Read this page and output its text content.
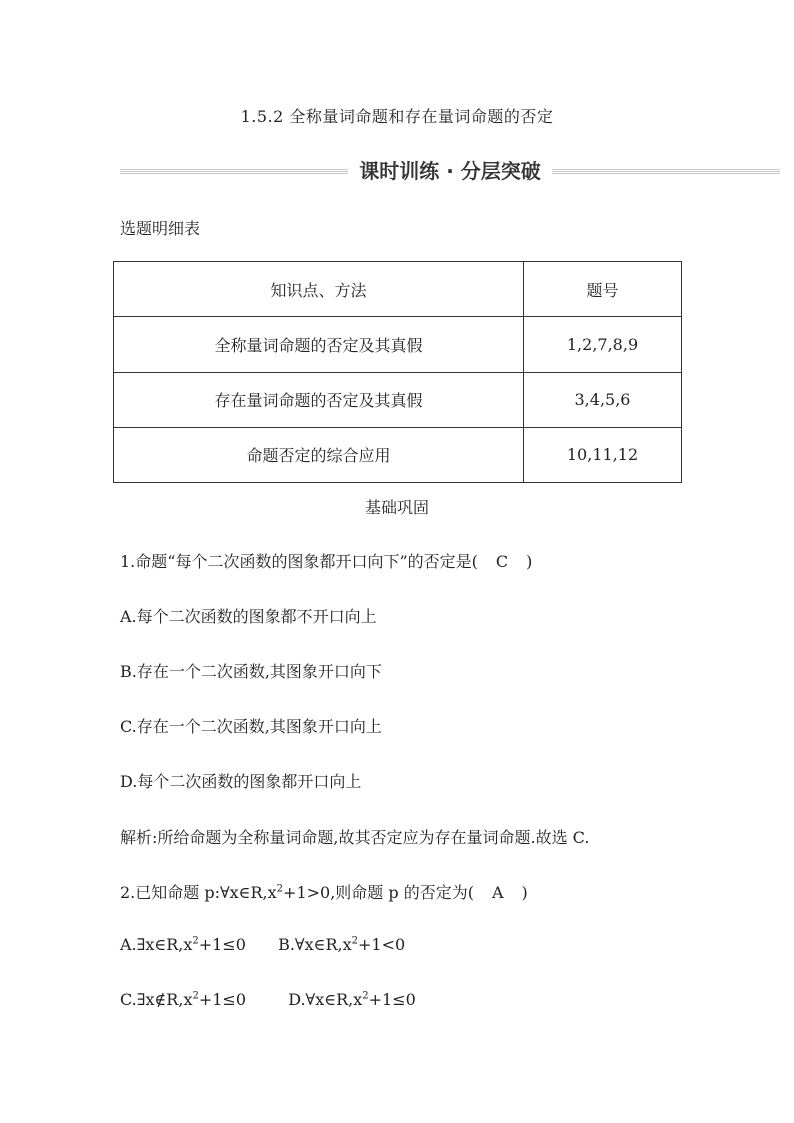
1.5.2 全称量词命题和存在量词命题的否定
课时训练 · 分层突破
选题明细表
知识点、方法	题号
全称量词命题的否定及其真假	1,2,7,8,9
存在量词命题的否定及其真假	3,4,5,6
命题否定的综合应用	10,11,12
基础巩固
1.命题“每个二次函数的图象都开口向下”的否定是( C )
A.每个二次函数的图象都不开口向上
B.存在一个二次函数,其图象开口向下
C.存在一个二次函数,其图象开口向上
D.每个二次函数的图象都开口向上
解析:所给命题为全称量词命题,故其否定应为存在量词命题.故选 C.
2.已知命题 $p:\forall x\in R,x^2+1>0$,则命题 p 的否定为( A )
$A.\exists x\in R,x^2+1\le 0$ $B.\forall x\in R,x^2+1<0$
$C.\exists x\notin R,x^2+1\le 0$	$D.\forall x\in R,x^2+1\le 0$
